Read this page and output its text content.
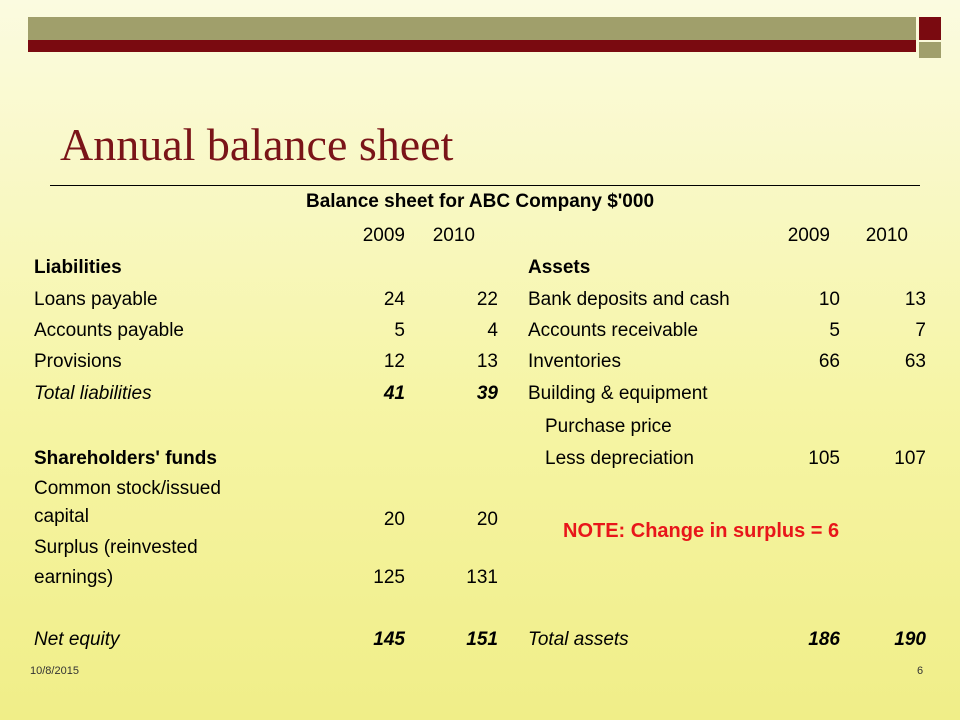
Annual balance sheet
Balance sheet for ABC Company $'000
2009	2010	2009	2010
Liabilities
Loans payable	24	22
Accounts payable	5	4
Provisions	12	13
Total liabilities	41	39
Shareholders' funds
Common stock/issued
capital	20	20
Surplus (reinvested
earnings)	125	131
Net equity	145	151
Assets
Bank deposits and cash	10	13
Accounts receivable	5	7
Inventories	66	63
Building & equipment
Purchase price
Less depreciation	105	107
NOTE: Change in surplus = 6
Total assets	186	190
10/8/2015	6
